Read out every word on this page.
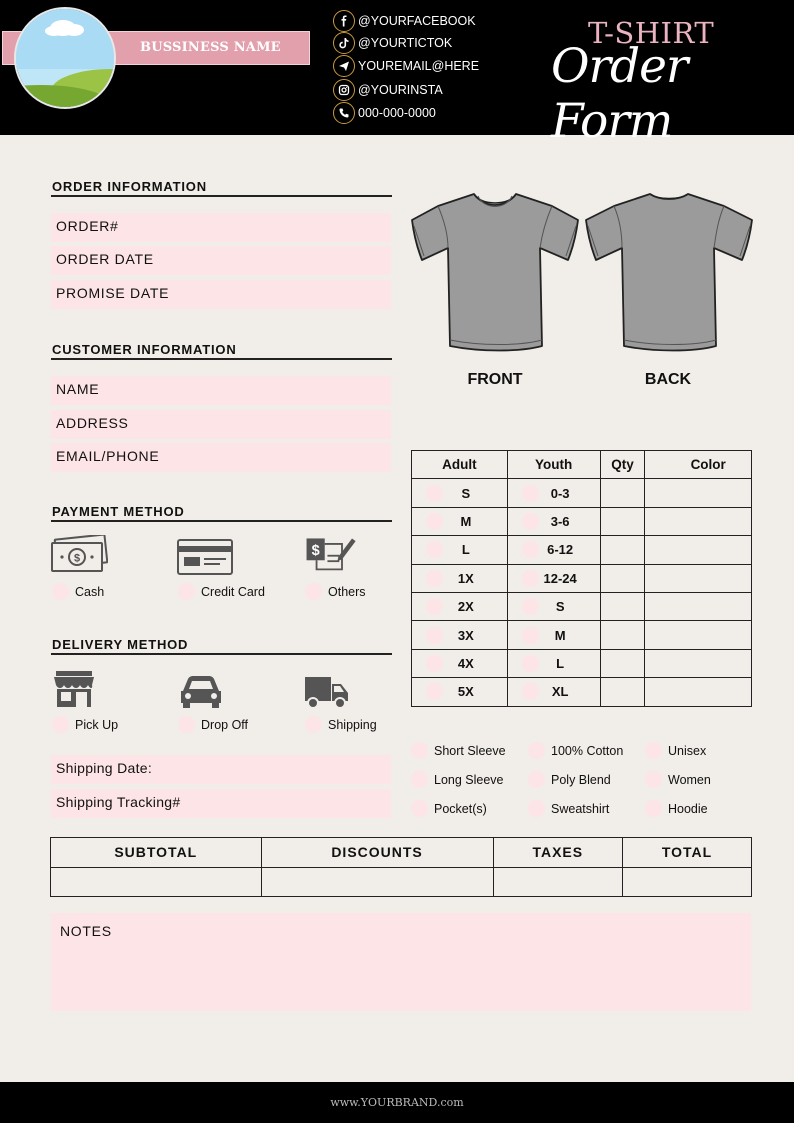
BUSSINESS NAME
@YOURFACEBOOK
@YOURTICTOK
YOUREMAIL@HERE
@YOURINSTA
000-000-0000
T-SHIRT
Order Form
ORDER INFORMATION
ORDER#
ORDER DATE
PROMISE DATE
CUSTOMER INFORMATION
NAME
ADDRESS
EMAIL/PHONE
PAYMENT METHOD
$	$
Cash	Credit Card	Others
DELIVERY METHOD
Pick Up	Drop Off	Shipping
Shipping Date:
Shipping Tracking#
FRONT	BACK
Adult	Youth	Qty	Color

S	0-3		

M	3-6		

L	6-12		

1X	12-24		

2X	S		

3X	M		

4X	L		

5X	XL		

Short Sleeve
Long Sleeve
Pocket(s)
100% Cotton
Poly Blend
Sweatshirt
Unisex
Women
Hoodie
SUBTOTAL	DISCOUNTS	TAXES	TOTAL

NOTES
www.YOURBRAND.com
